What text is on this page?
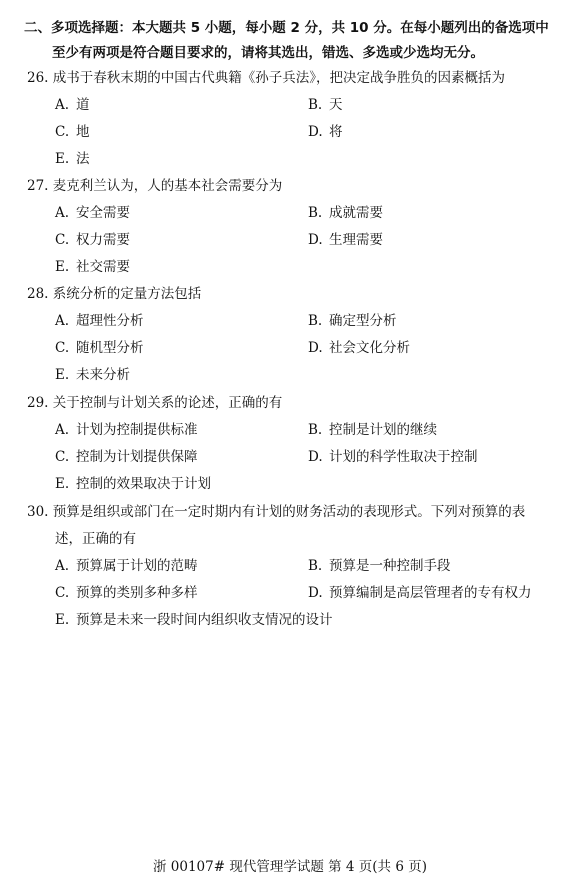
二、多项选择题：本大题共 5 小题，每小题 2 分，共 10 分。在每小题列出的备选项中
至少有两项是符合题目要求的，请将其选出，错选、多选或少选均无分。
26. 成书于春秋末期的中国古代典籍《孙子兵法》，把决定战争胜负的因素概括为
A. 道	B. 天
C. 地	D. 将
E. 法
27. 麦克利兰认为，人的基本社会需要分为
A. 安全需要	B. 成就需要
C. 权力需要	D. 生理需要
E. 社交需要
28. 系统分析的定量方法包括
A. 超理性分析	B. 确定型分析
C. 随机型分析	D. 社会文化分析
E. 未来分析
29. 关于控制与计划关系的论述，正确的有
A. 计划为控制提供标准	B. 控制是计划的继续
C. 控制为计划提供保障	D. 计划的科学性取决于控制
E. 控制的效果取决于计划
30. 预算是组织或部门在一定时期内有计划的财务活动的表现形式。下列对预算的表
述，正确的有
A. 预算属于计划的范畴	B. 预算是一种控制手段
C. 预算的类别多种多样	D. 预算编制是高层管理者的专有权力
E. 预算是未来一段时间内组织收支情况的设计
浙 00107# 现代管理学试题 第 4 页(共 6 页)
